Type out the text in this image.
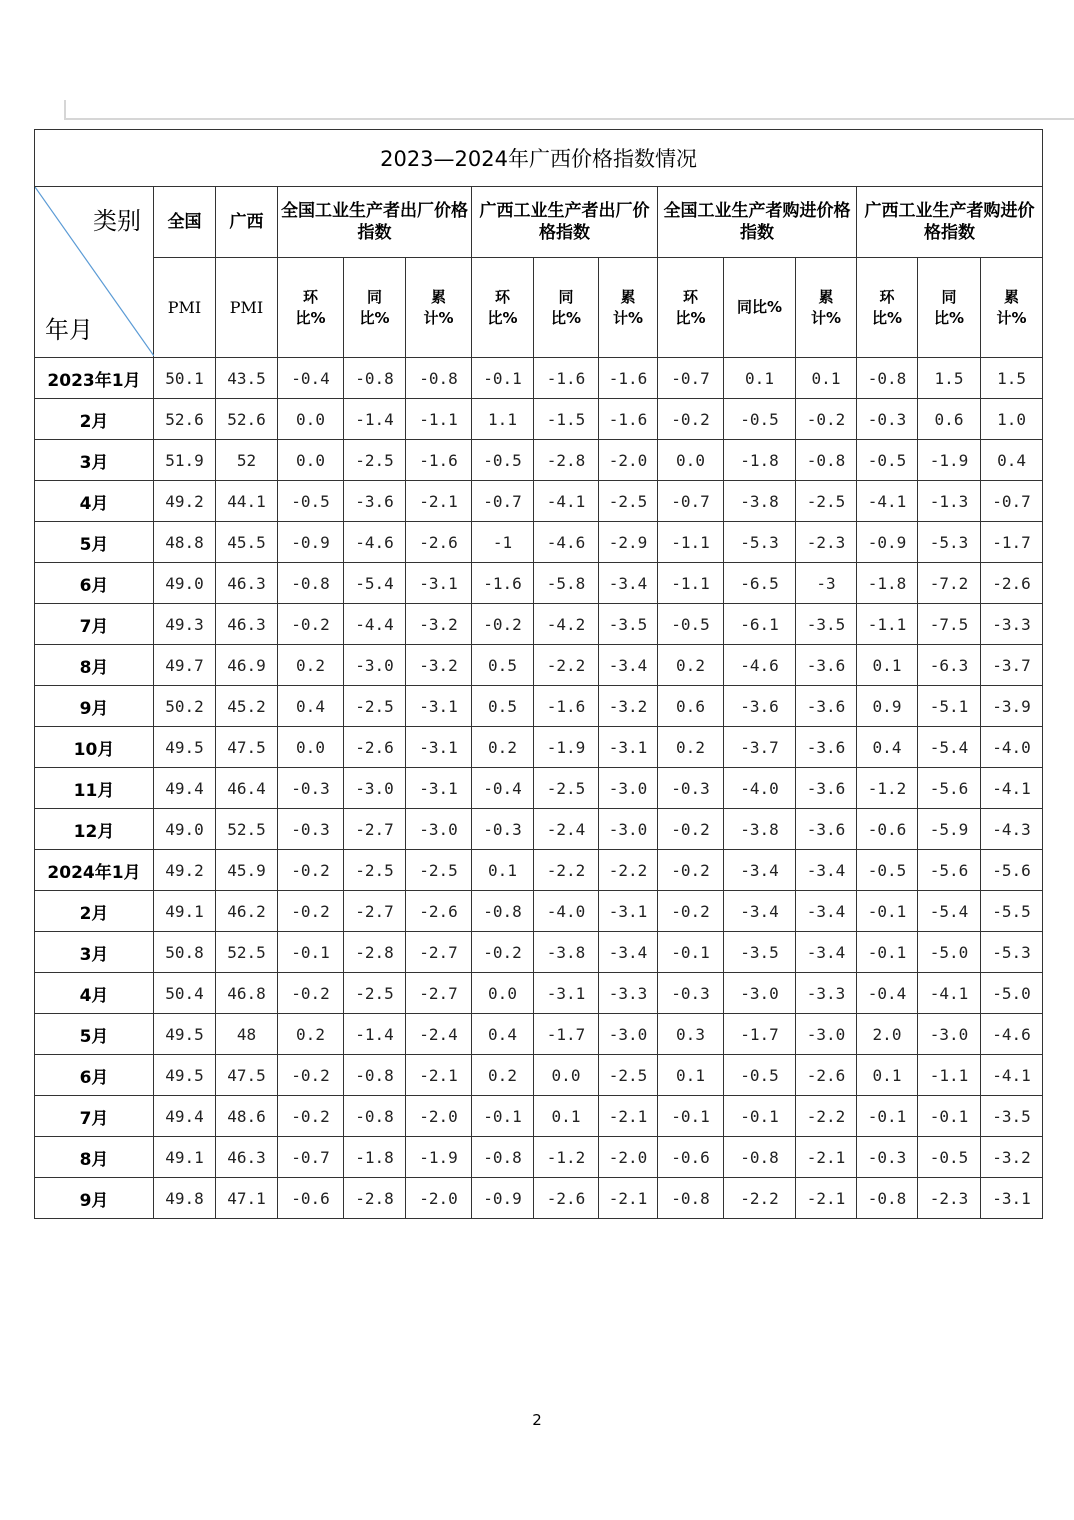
2023—2024年广西价格指数情况														

类别
年月	全国	广西	全国工业生产者出厂价格指数			广西工业生产者出厂价格指数			全国工业生产者购进价格指数			广西工业生产者购进价格指数		
	PMI	PMI	环比%	同比%	累计%	环比%	同比%	累计%	环比%	同比%	累计%	环比%	同比%	累计%
2023年1月	50.1	43.5	-0.4	-0.8	-0.8	-0.1	-1.6	-1.6	-0.7	0.1	0.1	-0.8	1.5	1.5
2月	52.6	52.6	0.0	-1.4	-1.1	1.1	-1.5	-1.6	-0.2	-0.5	-0.2	-0.3	0.6	1.0
3月	51.9	52	0.0	-2.5	-1.6	-0.5	-2.8	-2.0	0.0	-1.8	-0.8	-0.5	-1.9	0.4
4月	49.2	44.1	-0.5	-3.6	-2.1	-0.7	-4.1	-2.5	-0.7	-3.8	-2.5	-4.1	-1.3	-0.7
5月	48.8	45.5	-0.9	-4.6	-2.6	-1	-4.6	-2.9	-1.1	-5.3	-2.3	-0.9	-5.3	-1.7
6月	49.0	46.3	-0.8	-5.4	-3.1	-1.6	-5.8	-3.4	-1.1	-6.5	-3	-1.8	-7.2	-2.6
7月	49.3	46.3	-0.2	-4.4	-3.2	-0.2	-4.2	-3.5	-0.5	-6.1	-3.5	-1.1	-7.5	-3.3
8月	49.7	46.9	0.2	-3.0	-3.2	0.5	-2.2	-3.4	0.2	-4.6	-3.6	0.1	-6.3	-3.7
9月	50.2	45.2	0.4	-2.5	-3.1	0.5	-1.6	-3.2	0.6	-3.6	-3.6	0.9	-5.1	-3.9
10月	49.5	47.5	0.0	-2.6	-3.1	0.2	-1.9	-3.1	0.2	-3.7	-3.6	0.4	-5.4	-4.0
11月	49.4	46.4	-0.3	-3.0	-3.1	-0.4	-2.5	-3.0	-0.3	-4.0	-3.6	-1.2	-5.6	-4.1
12月	49.0	52.5	-0.3	-2.7	-3.0	-0.3	-2.4	-3.0	-0.2	-3.8	-3.6	-0.6	-5.9	-4.3
2024年1月	49.2	45.9	-0.2	-2.5	-2.5	0.1	-2.2	-2.2	-0.2	-3.4	-3.4	-0.5	-5.6	-5.6
2月	49.1	46.2	-0.2	-2.7	-2.6	-0.8	-4.0	-3.1	-0.2	-3.4	-3.4	-0.1	-5.4	-5.5
3月	50.8	52.5	-0.1	-2.8	-2.7	-0.2	-3.8	-3.4	-0.1	-3.5	-3.4	-0.1	-5.0	-5.3
4月	50.4	46.8	-0.2	-2.5	-2.7	0.0	-3.1	-3.3	-0.3	-3.0	-3.3	-0.4	-4.1	-5.0
5月	49.5	48	0.2	-1.4	-2.4	0.4	-1.7	-3.0	0.3	-1.7	-3.0	2.0	-3.0	-4.6
6月	49.5	47.5	-0.2	-0.8	-2.1	0.2	0.0	-2.5	0.1	-0.5	-2.6	0.1	-1.1	-4.1
7月	49.4	48.6	-0.2	-0.8	-2.0	-0.1	0.1	-2.1	-0.1	-0.1	-2.2	-0.1	-0.1	-3.5
8月	49.1	46.3	-0.7	-1.8	-1.9	-0.8	-1.2	-2.0	-0.6	-0.8	-2.1	-0.3	-0.5	-3.2
9月	49.8	47.1	-0.6	-2.8	-2.0	-0.9	-2.6	-2.1	-0.8	-2.2	-2.1	-0.8	-2.3	-3.1
2
